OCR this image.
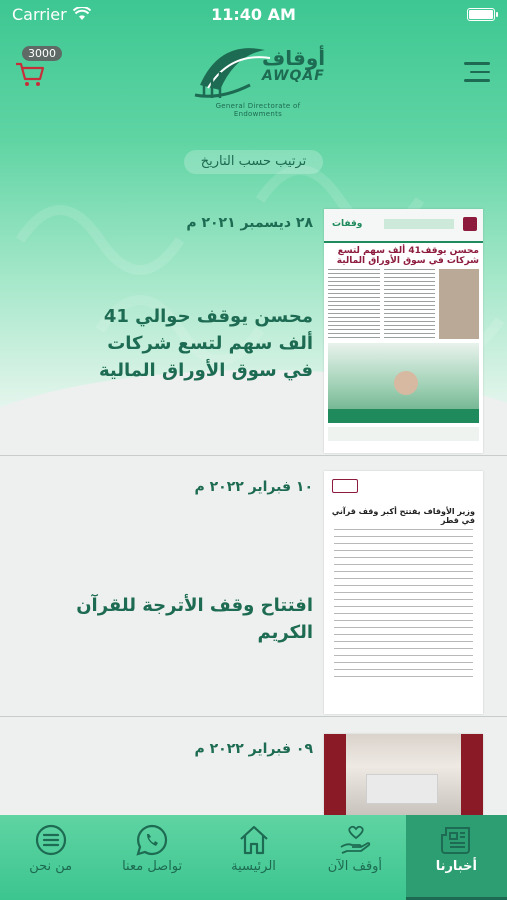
Carrier	11:40 AM
3000	أوقاف
AWQAF
General Directorate of Endowments
ترتيب حسب التاريخ
٢٨ ديسمبر ٢٠٢١ م
محسن يوقف حوالي 41 ألف سهم لتسع شركات في سوق الأوراق المالية
وقفات
محسن يوقف41 ألف سهم لتسع شركات في سوق الأوراق المالية
١٠ فبراير ٢٠٢٢ م
افتتاح وقف الأترجة للقرآن الكريم
وزير الأوقاف يفتتح أكبر وقف قرآني في قطر
٠٩ فبراير ٢٠٢٢ م
من نحن	تواصل معنا	الرئيسية	أوقف الآن	أخبارنا
